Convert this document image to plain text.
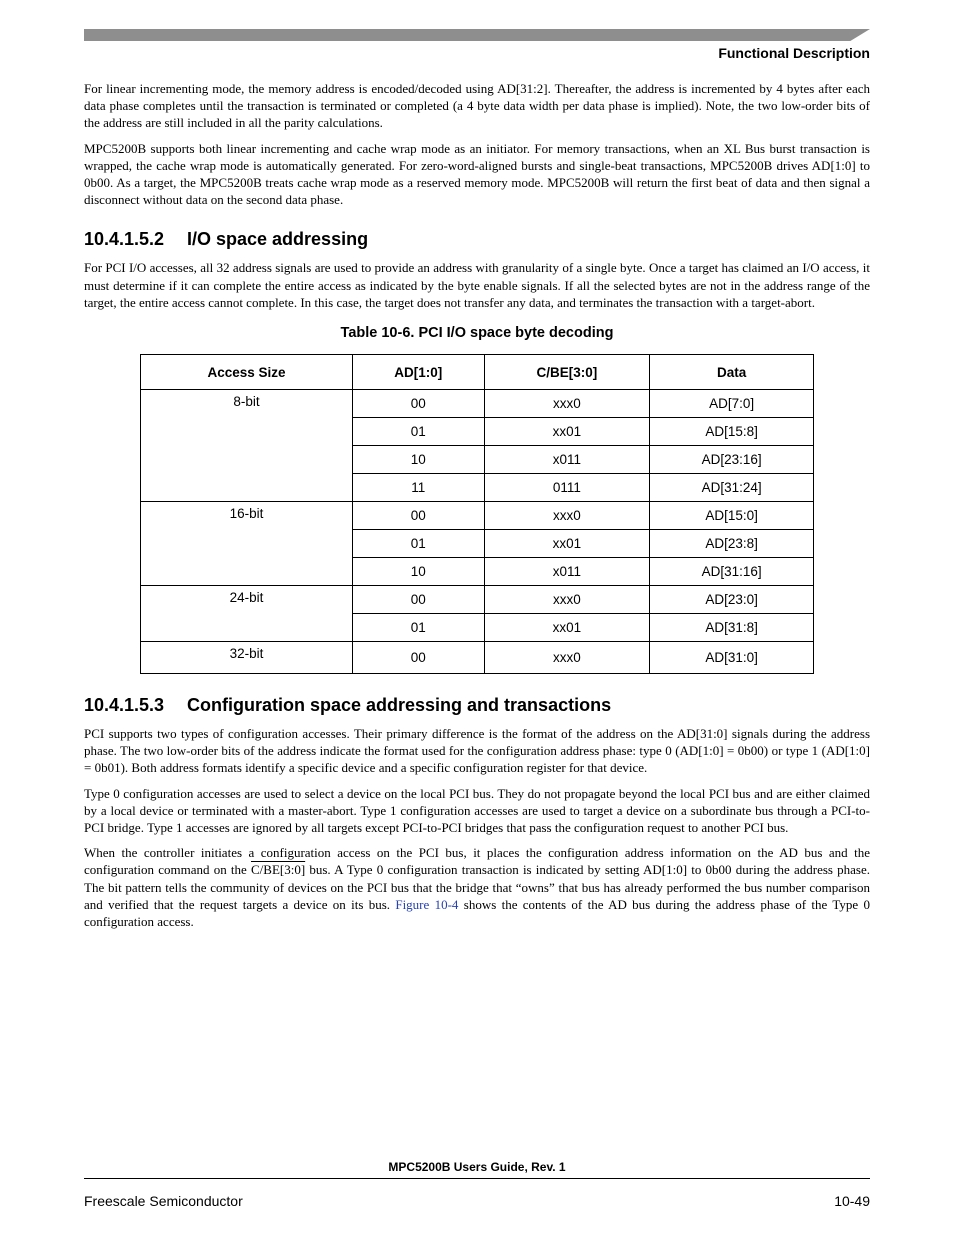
Functional Description

For linear incrementing mode, the memory address is encoded/decoded using AD[31:2]. Thereafter, the address is incremented by 4 bytes after each data phase completes until the transaction is terminated or completed (a 4 byte data width per data phase is implied). Note, the two low-order bits of the address are still included in all the parity calculations.

MPC5200B supports both linear incrementing and cache wrap mode as an initiator. For memory transactions, when an XL Bus burst transaction is wrapped, the cache wrap mode is automatically generated. For zero-word-aligned bursts and single-beat transactions, MPC5200B drives AD[1:0] to 0b00. As a target, the MPC5200B treats cache wrap mode as a reserved memory mode. MPC5200B will return the first beat of data and then signal a disconnect without data on the second data phase.

10.4.1.5.2 I/O space addressing

For PCI I/O accesses, all 32 address signals are used to provide an address with granularity of a single byte. Once a target has claimed an I/O access, it must determine if it can complete the entire access as indicated by the byte enable signals. If all the selected bytes are not in the address range of the target, the entire access cannot complete. In this case, the target does not transfer any data, and terminates the transaction with a target-abort.

Table 10-6. PCI I/O space byte decoding
Access Size	AD[1:0]	C/BE[3:0]	Data
8-bit	00	xxx0	AD[7:0]
	01	xx01	AD[15:8]
	10	x011	AD[23:16]
	11	0111	AD[31:24]
16-bit	00	xxx0	AD[15:0]
	01	xx01	AD[23:8]
	10	x011	AD[31:16]
24-bit	00	xxx0	AD[23:0]
	01	xx01	AD[31:8]
32-bit	00	xxx0	AD[31:0]
10.4.1.5.3 Configuration space addressing and transactions

PCI supports two types of configuration accesses. Their primary difference is the format of the address on the AD[31:0] signals during the address phase. The two low-order bits of the address indicate the format used for the configuration address phase: type 0 (AD[1:0] = 0b00) or type 1 (AD[1:0] = 0b01). Both address formats identify a specific device and a specific configuration register for that device.

Type 0 configuration accesses are used to select a device on the local PCI bus. They do not propagate beyond the local PCI bus and are either claimed by a local device or terminated with a master-abort. Type 1 configuration accesses are used to target a device on a subordinate bus through a PCI-to-PCI bridge. Type 1 accesses are ignored by all targets except PCI-to-PCI bridges that pass the configuration request to another PCI bus.

When the controller initiates a configuration access on the PCI bus, it places the configuration address information on the AD bus and the configuration command on the C/BE[3:0] bus. A Type 0 configuration transaction is indicated by setting AD[1:0] to 0b00 during the address phase. The bit pattern tells the community of devices on the PCI bus that the bridge that “owns” that bus has already performed the bus number comparison and verified that the request targets a device on its bus. Figure 10-4 shows the contents of the AD bus during the address phase of the Type 0 configuration access.

MPC5200B Users Guide, Rev. 1
Freescale Semiconductor	10-49
